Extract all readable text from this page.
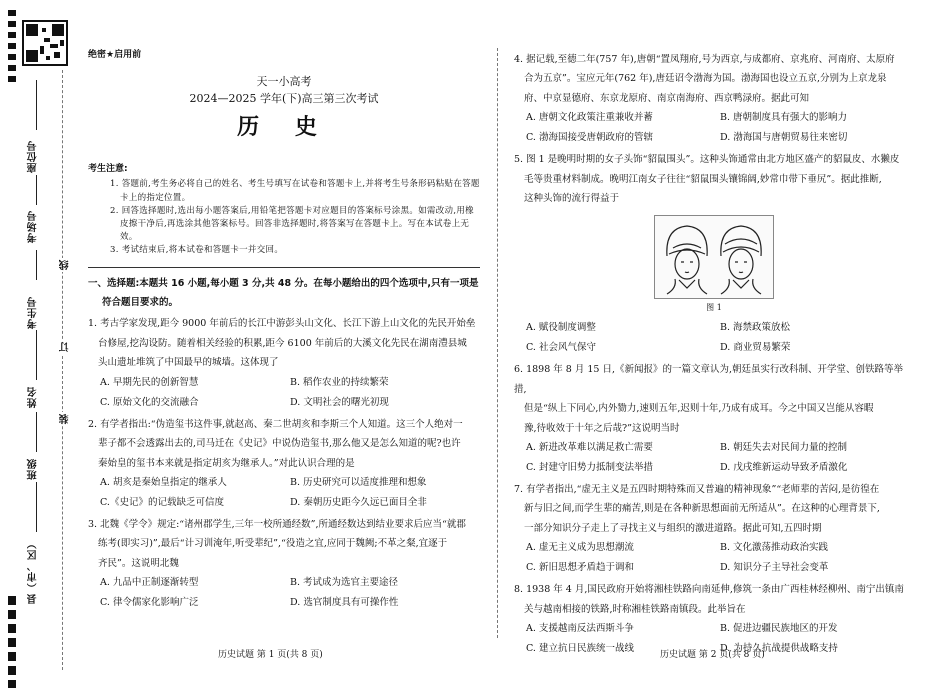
座位号
考场号
考生号
姓名
班级
县（市、区）
线
订
装
绝密★启用前
天一小高考
2024—2025 学年(下)高三第三次考试
历 史
考生注意:
1. 答题前,考生务必将自己的姓名、考生号填写在试卷和答题卡上,并将考生号条形码粘贴在答题卡上的指定位置。
2. 回答选择题时,选出每小题答案后,用铅笔把答题卡对应题目的答案标号涂黑。如需改动,用橡皮擦干净后,再选涂其他答案标号。回答非选择题时,将答案写在答题卡上。写在本试卷上无效。
3. 考试结束后,将本试卷和答题卡一并交回。
一、选择题:本题共 16 小题,每小题 3 分,共 48 分。在每小题给出的四个选项中,只有一项是
符合题目要求的。
1. 考古学家发现,距今 9000 年前后的长江中游彭头山文化、长江下游上山文化的先民开始垒
台修屋,挖沟设防。随着相关经验的积累,距今 6100 年前后的大溪文化先民在湖南澧县城
头山遗址堆筑了中国最早的城墙。这体现了
A. 早期先民的创新智慧	B. 稻作农业的持续繁荣
C. 原始文化的交流融合	D. 文明社会的曙光初现
2. 有学者指出:“伪造玺书这件事,就赵高、秦二世胡亥和李斯三个人知道。这三个人绝对一
辈子都不会透露出去的,司马迁在《史记》中说伪造玺书,那么他又是怎么知道的呢?也许
秦始皇的玺书本来就是指定胡亥为继承人。”对此认识合理的是
A. 胡亥是秦始皇指定的继承人	B. 历史研究可以适度推理和想象
C.《史记》的记载缺乏可信度	D. 秦朝历史距今久远已面目全非
3. 北魏《学令》规定:“诸州郡学生,三年一校所通经数”,所通经数达到结业要求后应当“就郡
练考(即实习)”,最后“计习训淹年,听受辈纪”,“役造之宜,应同于魏阙;不革之粲,宜逐于
齐民”。这说明北魏
A. 九品中正制逐渐转型	B. 考试成为选官主要途径
C. 律令儒家化影响广泛	D. 选官制度具有可操作性
4. 据记载,至德二年(757 年),唐朝“置凤翔府,号为西京,与成都府、京兆府、河南府、太原府
合为五京”。宝应元年(762 年),唐廷诏令渤海为国。渤海国也设立五京,分别为上京龙泉
府、中京显德府、东京龙原府、南京南海府、西京鸭渌府。据此可知
A. 唐朝文化政策注重兼收并蓄	B. 唐朝制度具有强大的影响力
C. 渤海国接受唐朝政府的管辖	D. 渤海国与唐朝贸易往来密切
5. 图 1 是晚明时期的女子头饰“貂鼠围头”。这种头饰通常由北方地区盛产的貂鼠皮、水獭皮
毛等贵重材料制成。晚明江南女子往往“貂鼠围头镶锦阔,妙常巾带下垂尻”。据此推断,
这种头饰的流行得益于
图 1
A. 赋役制度调整	B. 海禁政策放松
C. 社会风气保守	D. 商业贸易繁荣
6. 1898 年 8 月 15 日,《新闻报》的一篇文章认为,朝廷虽实行改科制、开学堂、创铁路等举措,
但是“纵上下同心,内外勠力,速则五年,迟则十年,乃成有成耳。今之中国又岂能从容暇
豫,待收效于十年之后哉?”这说明当时
A. 新进改革难以满足救亡需要	B. 朝廷失去对民间力量的控制
C. 封建守旧势力抵制变法举措	D. 戊戌维新运动导致矛盾激化
7. 有学者指出,“虚无主义是五四时期特殊而又普遍的精神现象”“老师辈的苦闷,是彷徨在
新与旧之间,而学生辈的痛苦,则是在各种新思想面前无所适从”。在这种的心理背景下,
一部分知识分子走上了寻找主义与组织的激进道路。据此可知,五四时期
A. 虚无主义成为思想潮流	B. 文化激荡推动政治实践
C. 新旧思想矛盾趋于调和	D. 知识分子主导社会变革
8. 1938 年 4 月,国民政府开始将湘桂铁路向南延伸,修筑一条由广西桂林经柳州、南宁出镇南
关与越南相接的铁路,时称湘桂铁路南镇段。此举旨在
A. 支援越南反法西斯斗争	B. 促进边疆民族地区的开发
C. 建立抗日民族统一战线	D. 为持久抗战提供战略支持
历史试题 第 1 页(共 8 页)	历史试题 第 2 页(共 8 页)
